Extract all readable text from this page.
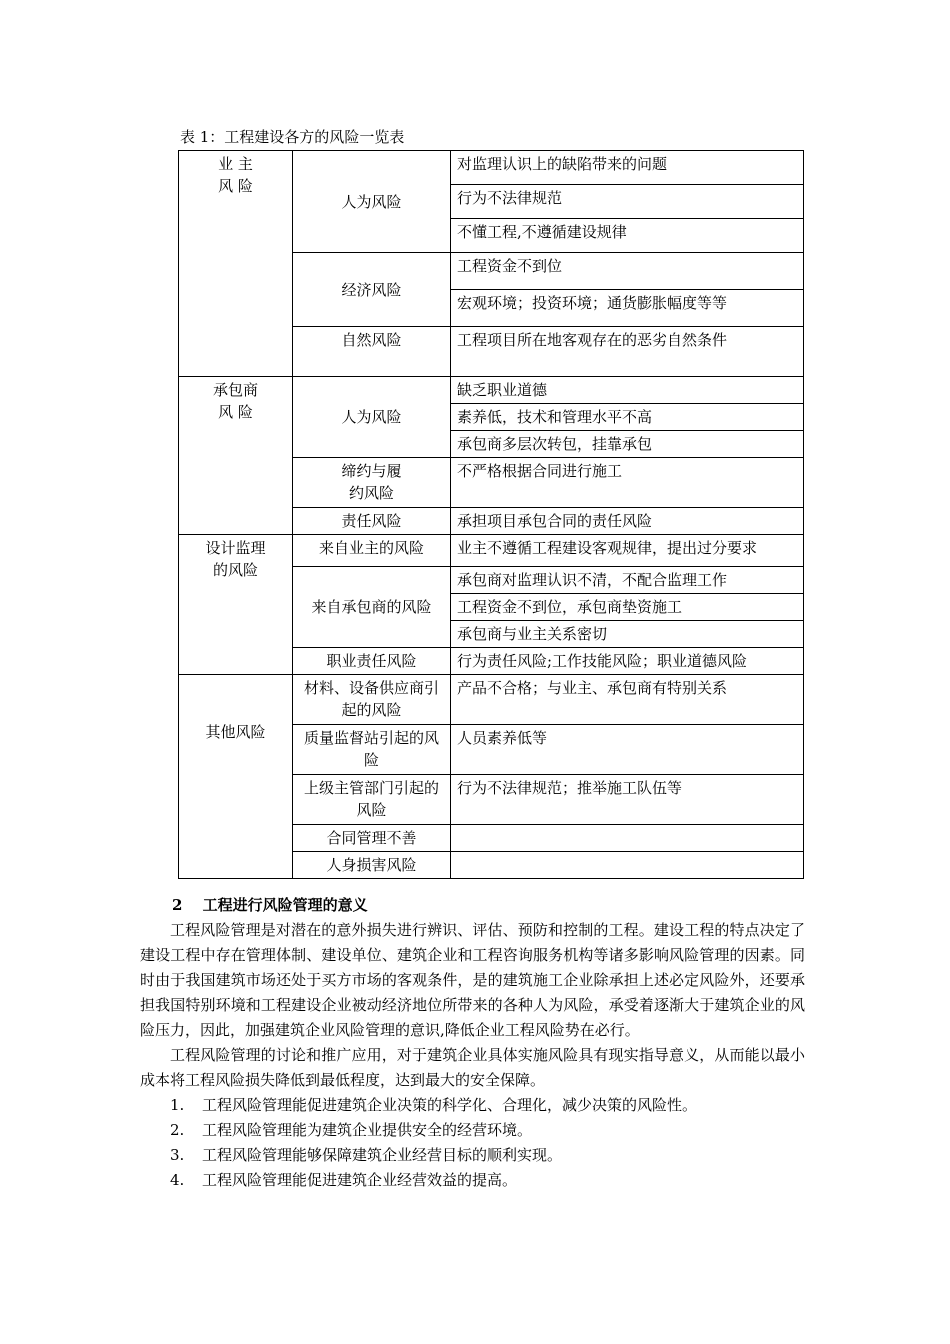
表 1：工程建设各方的风险一览表
业 主
风 险	人为风险	对监理认识上的缺陷带来的问题
		行为不法律规范
		不懂工程,不遵循建设规律
	经济风险	工程资金不到位
		宏观环境；投资环境；通货膨胀幅度等等
	自然风险	工程项目所在地客观存在的恶劣自然条件
承包商
风 险	人为风险	缺乏职业道德
		素养低，技术和管理水平不高
		承包商多层次转包，挂靠承包
	缔约与履
约风险	不严格根据合同进行施工
	责任风险	承担项目承包合同的责任风险
设计监理
的风险	来自业主的风险	业主不遵循工程建设客观规律，提出过分要求
	来自承包商的风险	承包商对监理认识不清，不配合监理工作
		工程资金不到位，承包商垫资施工
		承包商与业主关系密切
	职业责任风险	行为责任风险;工作技能风险；职业道德风险
其他风险	材料、设备供应商引起的风险	产品不合格；与业主、承包商有特别关系
	质量监督站引起的风险	人员素养低等
	上级主管部门引起的风险	行为不法律规范；推举施工队伍等
	合同管理不善	
	人身损害风险	
2　 工程进行风险管理的意义
工程风险管理是对潜在的意外损失进行辨识、评估、预防和控制的工程。建设工程的特点决定了建设工程中存在管理体制、建设单位、建筑企业和工程咨询服务机构等诸多影响风险管理的因素。同时由于我国建筑市场还处于买方市场的客观条件，是的建筑施工企业除承担上述必定风险外，还要承担我国特别环境和工程建设企业被动经济地位所带来的各种人为风险，承受着逐渐大于建筑企业的风险压力，因此，加强建筑企业风险管理的意识,降低企业工程风险势在必行。
工程风险管理的讨论和推广应用，对于建筑企业具体实施风险具有现实指导意义，从而能以最小成本将工程风险损失降低到最低程度，达到最大的安全保障。
1. 工程风险管理能促进建筑企业决策的科学化、合理化，减少决策的风险性。
2. 工程风险管理能为建筑企业提供安全的经营环境。
3. 工程风险管理能够保障建筑企业经营目标的顺利实现。
4. 工程风险管理能促进建筑企业经营效益的提高。
